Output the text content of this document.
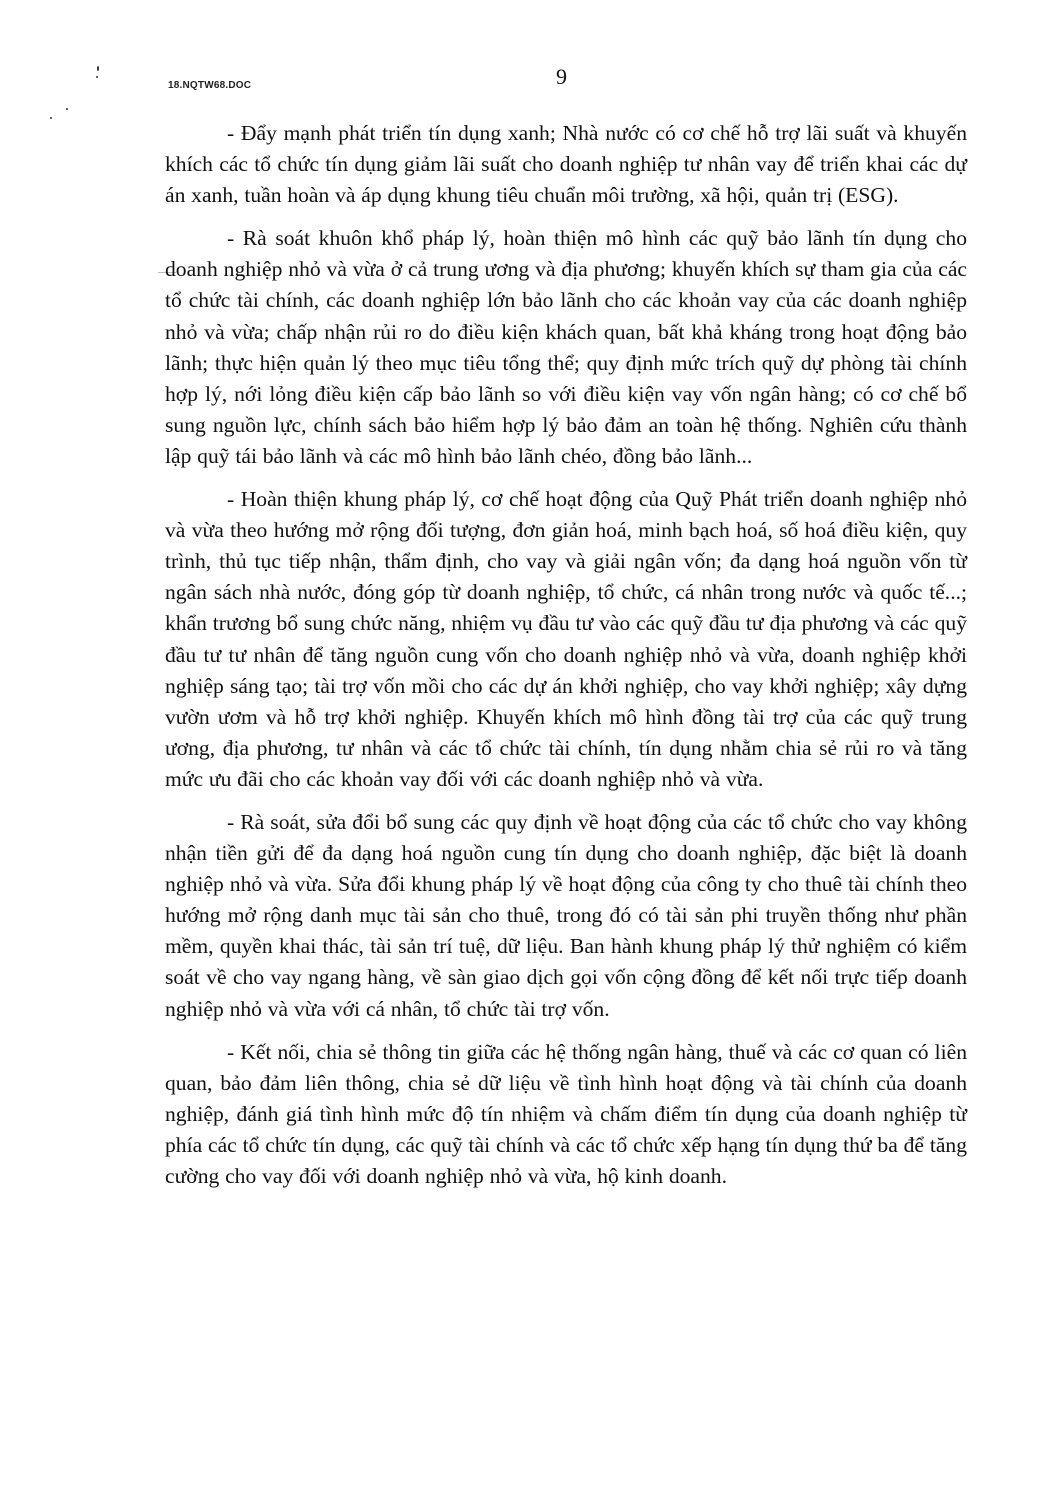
18.NQTW68.DOC	9

- Đẩy mạnh phát triển tín dụng xanh; Nhà nước có cơ chế hỗ trợ lãi suất và khuyến khích các tổ chức tín dụng giảm lãi suất cho doanh nghiệp tư nhân vay để triển khai các dự án xanh, tuần hoàn và áp dụng khung tiêu chuẩn môi trường, xã hội, quản trị (ESG).

- Rà soát khuôn khổ pháp lý, hoàn thiện mô hình các quỹ bảo lãnh tín dụng cho doanh nghiệp nhỏ và vừa ở cả trung ương và địa phương; khuyến khích sự tham gia của các tổ chức tài chính, các doanh nghiệp lớn bảo lãnh cho các khoản vay của các doanh nghiệp nhỏ và vừa; chấp nhận rủi ro do điều kiện khách quan, bất khả kháng trong hoạt động bảo lãnh; thực hiện quản lý theo mục tiêu tổng thể; quy định mức trích quỹ dự phòng tài chính hợp lý, nới lỏng điều kiện cấp bảo lãnh so với điều kiện vay vốn ngân hàng; có cơ chế bổ sung nguồn lực, chính sách bảo hiểm hợp lý bảo đảm an toàn hệ thống. Nghiên cứu thành lập quỹ tái bảo lãnh và các mô hình bảo lãnh chéo, đồng bảo lãnh...

- Hoàn thiện khung pháp lý, cơ chế hoạt động của Quỹ Phát triển doanh nghiệp nhỏ và vừa theo hướng mở rộng đối tượng, đơn giản hoá, minh bạch hoá, số hoá điều kiện, quy trình, thủ tục tiếp nhận, thẩm định, cho vay và giải ngân vốn; đa dạng hoá nguồn vốn từ ngân sách nhà nước, đóng góp từ doanh nghiệp, tổ chức, cá nhân trong nước và quốc tế...; khẩn trương bổ sung chức năng, nhiệm vụ đầu tư vào các quỹ đầu tư địa phương và các quỹ đầu tư tư nhân để tăng nguồn cung vốn cho doanh nghiệp nhỏ và vừa, doanh nghiệp khởi nghiệp sáng tạo; tài trợ vốn mồi cho các dự án khởi nghiệp, cho vay khởi nghiệp; xây dựng vườn ươm và hỗ trợ khởi nghiệp. Khuyến khích mô hình đồng tài trợ của các quỹ trung ương, địa phương, tư nhân và các tổ chức tài chính, tín dụng nhằm chia sẻ rủi ro và tăng mức ưu đãi cho các khoản vay đối với các doanh nghiệp nhỏ và vừa.

- Rà soát, sửa đổi bổ sung các quy định về hoạt động của các tổ chức cho vay không nhận tiền gửi để đa dạng hoá nguồn cung tín dụng cho doanh nghiệp, đặc biệt là doanh nghiệp nhỏ và vừa. Sửa đổi khung pháp lý về hoạt động của công ty cho thuê tài chính theo hướng mở rộng danh mục tài sản cho thuê, trong đó có tài sản phi truyền thống như phần mềm, quyền khai thác, tài sản trí tuệ, dữ liệu. Ban hành khung pháp lý thử nghiệm có kiểm soát về cho vay ngang hàng, về sàn giao dịch gọi vốn cộng đồng để kết nối trực tiếp doanh nghiệp nhỏ và vừa với cá nhân, tổ chức tài trợ vốn.

- Kết nối, chia sẻ thông tin giữa các hệ thống ngân hàng, thuế và các cơ quan có liên quan, bảo đảm liên thông, chia sẻ dữ liệu về tình hình hoạt động và tài chính của doanh nghiệp, đánh giá tình hình mức độ tín nhiệm và chấm điểm tín dụng của doanh nghiệp từ phía các tổ chức tín dụng, các quỹ tài chính và các tổ chức xếp hạng tín dụng thứ ba để tăng cường cho vay đối với doanh nghiệp nhỏ và vừa, hộ kinh doanh.
